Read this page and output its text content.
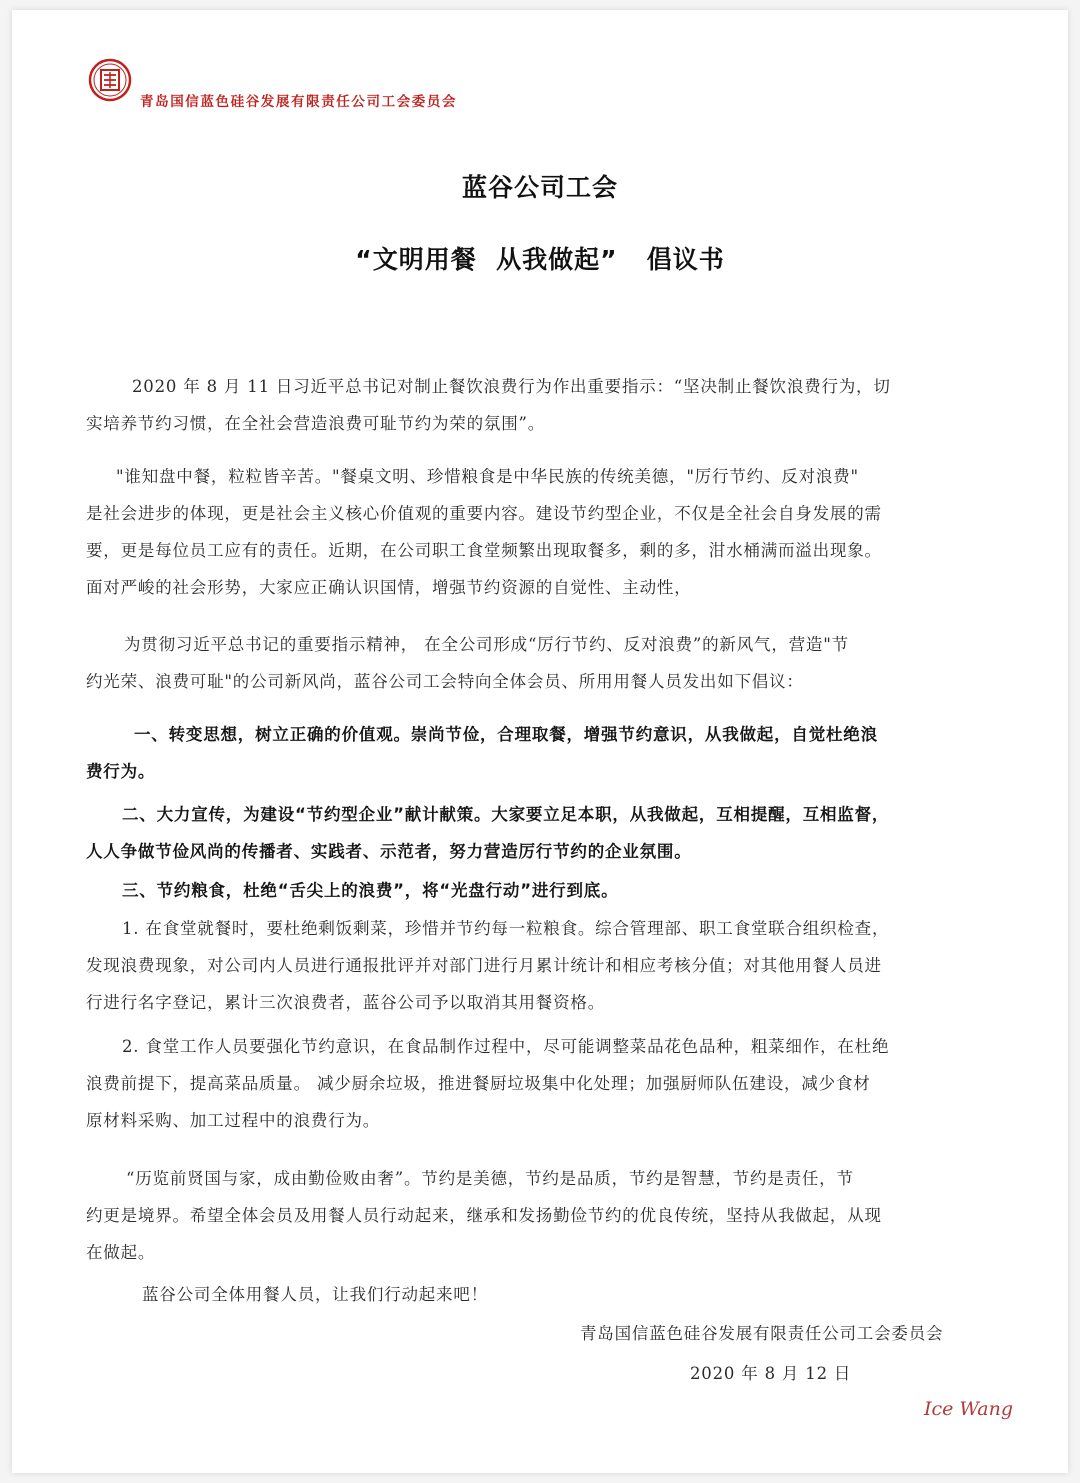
青岛国信蓝色硅谷发展有限责任公司工会委员会
蓝谷公司工会
“文明用餐  从我做起” 倡议书
2020 年 8 月 11 日习近平总书记对制止餐饮浪费行为作出重要指示：“坚决制止餐饮浪费行为，切
实培养节约习惯，在全社会营造浪费可耻节约为荣的氛围”。
"谁知盘中餐，粒粒皆辛苦。"餐桌文明、珍惜粮食是中华民族的传统美德，"厉行节约、反对浪费"
是社会进步的体现，更是社会主义核心价值观的重要内容。建设节约型企业，不仅是全社会自身发展的需
要，更是每位员工应有的责任。近期，在公司职工食堂频繁出现取餐多，剩的多，泔水桶满而溢出现象。
面对严峻的社会形势，大家应正确认识国情，增强节约资源的自觉性、主动性，
为贯彻习近平总书记的重要指示精神， 在全公司形成“厉行节约、反对浪费”的新风气，营造"节
约光荣、浪费可耻"的公司新风尚，蓝谷公司工会特向全体会员、所用用餐人员发出如下倡议：
一、转变思想，树立正确的价值观。崇尚节俭，合理取餐，增强节约意识，从我做起，自觉杜绝浪
费行为。
二、大力宣传，为建设“节约型企业”献计献策。大家要立足本职，从我做起，互相提醒，互相监督，
人人争做节俭风尚的传播者、实践者、示范者，努力营造厉行节约的企业氛围。
三、节约粮食，杜绝“舌尖上的浪费”，将“光盘行动”进行到底。
1. 在食堂就餐时，要杜绝剩饭剩菜，珍惜并节约每一粒粮食。综合管理部、职工食堂联合组织检查，
发现浪费现象，对公司内人员进行通报批评并对部门进行月累计统计和相应考核分值；对其他用餐人员进
行进行名字登记，累计三次浪费者，蓝谷公司予以取消其用餐资格。
2. 食堂工作人员要强化节约意识，在食品制作过程中，尽可能调整菜品花色品种，粗菜细作，在杜绝
浪费前提下，提高菜品质量。 减少厨余垃圾，推进餐厨垃圾集中化处理；加强厨师队伍建设，减少食材
原材料采购、加工过程中的浪费行为。
“历览前贤国与家，成由勤俭败由奢”。节约是美德，节约是品质，节约是智慧，节约是责任，节
约更是境界。希望全体会员及用餐人员行动起来，继承和发扬勤俭节约的优良传统，坚持从我做起，从现
在做起。
蓝谷公司全体用餐人员，让我们行动起来吧！
青岛国信蓝色硅谷发展有限责任公司工会委员会
2020 年 8 月 12 日
Ice Wang
